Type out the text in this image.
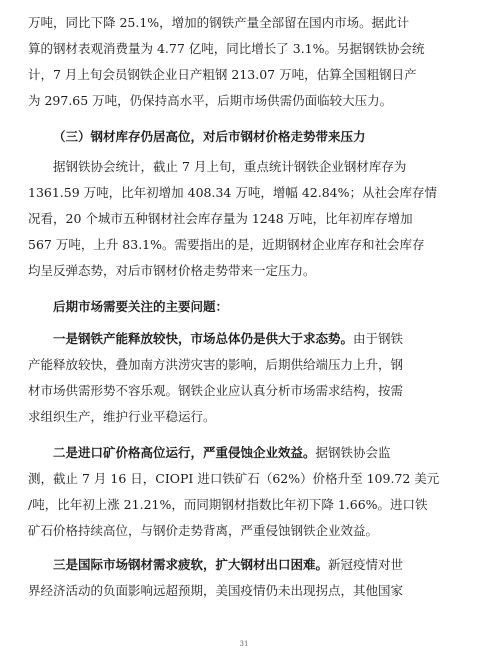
万吨，同比下降 25.1%，增加的钢铁产量全部留在国内市场。据此计
算的钢材表观消费量为 4.77 亿吨，同比增长了 3.1%。另据钢铁协会统
计，7 月上旬会员钢铁企业日产粗钢 213.07 万吨，估算全国粗钢日产
为 297.65 万吨，仍保持高水平，后期市场供需仍面临较大压力。
（三）钢材库存仍居高位，对后市钢材价格走势带来压力
据钢铁协会统计，截止 7 月上旬，重点统计钢铁企业钢材库存为
1361.59 万吨，比年初增加 408.34 万吨，增幅 42.84%；从社会库存情
况看，20 个城市五种钢材社会库存量为 1248 万吨，比年初库存增加
567 万吨，上升 83.1%。需要指出的是，近期钢材企业库存和社会库存
均呈反弹态势，对后市钢材价格走势带来一定压力。
后期市场需要关注的主要问题：
一是钢铁产能释放较快，市场总体仍是供大于求态势。由于钢铁
产能释放较快，叠加南方洪涝灾害的影响，后期供给端压力上升，钢
材市场供需形势不容乐观。钢铁企业应认真分析市场需求结构，按需
求组织生产，维护行业平稳运行。
二是进口矿价格高位运行，严重侵蚀企业效益。据钢铁协会监
测，截止 7 月 16 日，CIOPI 进口铁矿石（62%）价格升至 109.72 美元
/吨，比年初上涨 21.21%，而同期钢材指数比年初下降 1.66%。进口铁
矿石价格持续高位，与钢价走势背离，严重侵蚀钢铁企业效益。
三是国际市场钢材需求疲软，扩大钢材出口困难。新冠疫情对世
界经济活动的负面影响远超预期，美国疫情仍未出现拐点，其他国家
31
